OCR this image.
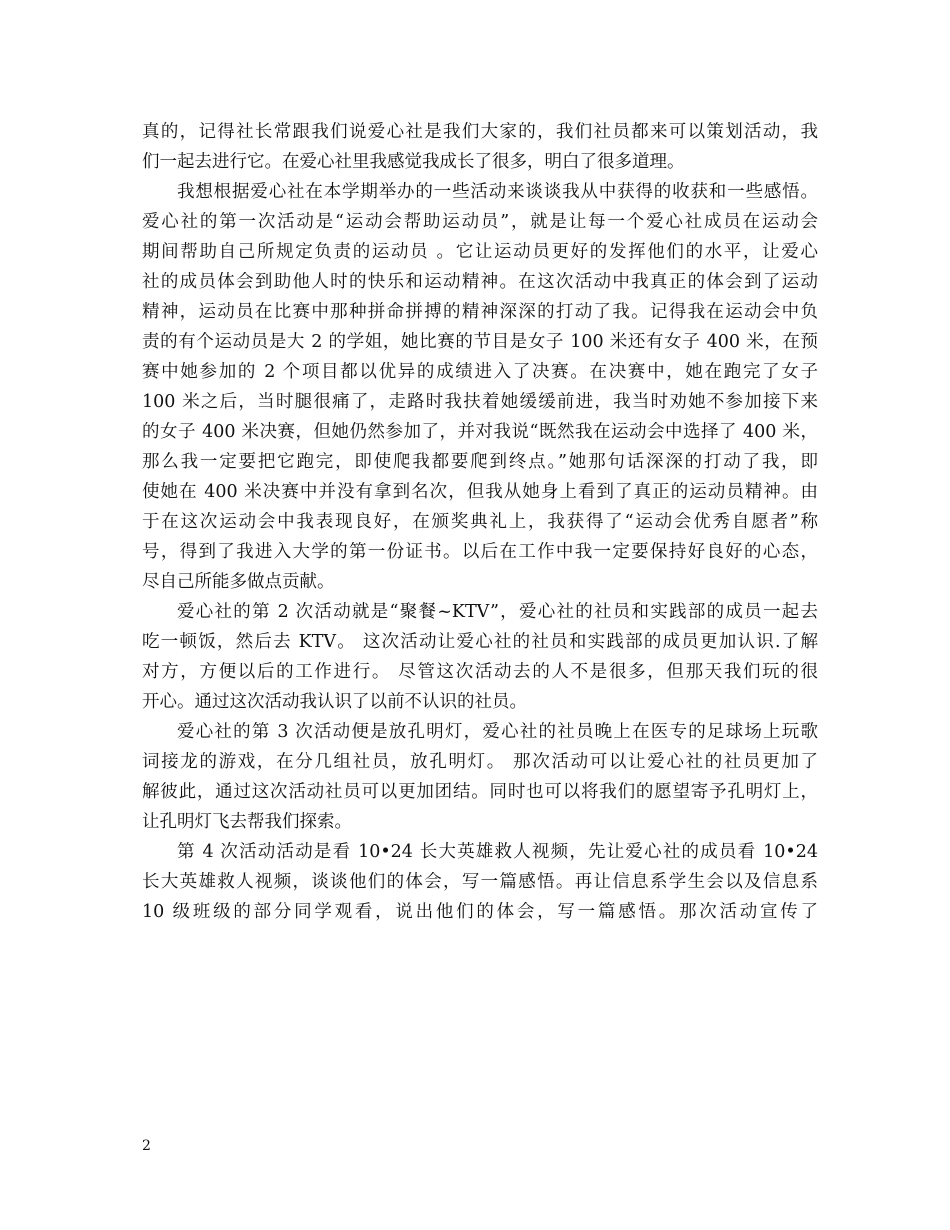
真的，记得社长常跟我们说爱心社是我们大家的，我们社员都来可以策划活动，我
们一起去进行它。在爱心社里我感觉我成长了很多，明白了很多道理。
我想根据爱心社在本学期举办的一些活动来谈谈我从中获得的收获和一些感悟。
爱心社的第一次活动是“运动会帮助运动员”，就是让每一个爱心社成员在运动会
期间帮助自己所规定负责的运动员 。它让运动员更好的发挥他们的水平，让爱心
社的成员体会到助他人时的快乐和运动精神。在这次活动中我真正的体会到了运动
精神，运动员在比赛中那种拼命拼搏的精神深深的打动了我。记得我在运动会中负
责的有个运动员是大 2 的学姐，她比赛的节目是女子 100 米还有女子 400 米，在预
赛中她参加的 2 个项目都以优异的成绩进入了决赛。在决赛中，她在跑完了女子
100 米之后，当时腿很痛了，走路时我扶着她缓缓前进，我当时劝她不参加接下来
的女子 400 米决赛，但她仍然参加了，并对我说“既然我在运动会中选择了 400 米，
那么我一定要把它跑完，即使爬我都要爬到终点。”她那句话深深的打动了我，即
使她在 400 米决赛中并没有拿到名次，但我从她身上看到了真正的运动员精神。由
于在这次运动会中我表现良好，在颁奖典礼上，我获得了“运动会优秀自愿者”称
号，得到了我进入大学的第一份证书。以后在工作中我一定要保持好良好的心态，
尽自己所能多做点贡献。
爱心社的第 2 次活动就是“聚餐~KTV”，爱心社的社员和实践部的成员一起去
吃一顿饭，然后去 KTV。 这次活动让爱心社的社员和实践部的成员更加认识.了解
对方，方便以后的工作进行。 尽管这次活动去的人不是很多，但那天我们玩的很
开心。通过这次活动我认识了以前不认识的社员。
爱心社的第 3 次活动便是放孔明灯，爱心社的社员晚上在医专的足球场上玩歌
词接龙的游戏，在分几组社员，放孔明灯。 那次活动可以让爱心社的社员更加了
解彼此，通过这次活动社员可以更加团结。同时也可以将我们的愿望寄予孔明灯上，
让孔明灯飞去帮我们探索。
第 4 次活动活动是看 10•24 长大英雄救人视频，先让爱心社的成员看 10•24
长大英雄救人视频，谈谈他们的体会，写一篇感悟。再让信息系学生会以及信息系
10 级班级的部分同学观看，说出他们的体会，写一篇感悟。那次活动宣传了
2
